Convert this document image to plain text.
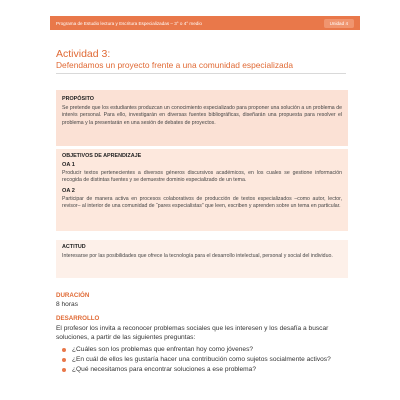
Programa de Estudio lectura y Escritura Especializadas – 3° o 4° medio	Unidad 4
Actividad 3:
Defendamos un proyecto frente a una comunidad especializada
PROPÓSITO

Se pretende que los estudiantes produzcan un conocimiento especializado para proponer una solución a un problema de interés personal. Para ello, investigarán en diversas fuentes bibliográficas, diseñarán una propuesta para resolver el problema y la presentarán en una sesión de debates de proyectos.

OBJETIVOS DE APRENDIZAJE
OA 1

Producir textos pertenecientes a diversos géneros discursivos académicos, en los cuales se gestione información recogida de distintas fuentes y se demuestre dominio especializado de un tema.

OA 2

Participar de manera activa en procesos colaborativos de producción de textos especializados –como autor, lector, revisor– al interior de una comunidad de “pares especialistas” que leen, escriben y aprenden sobre un tema en particular.

ACTITUD

Interesarse por las posibilidades que ofrece la tecnología para el desarrollo intelectual, personal y social del individuo.

DURACIÓN
8 horas
DESARROLLO

El profesor los invita a reconocer problemas sociales que les interesen y los desafía a buscar soluciones, a partir de las siguientes preguntas:

¿Cuáles son los problemas que enfrentan hoy como jóvenes?
¿En cuál de ellos les gustaría hacer una contribución como sujetos socialmente activos?
¿Qué necesitamos para encontrar soluciones a ese problema?
